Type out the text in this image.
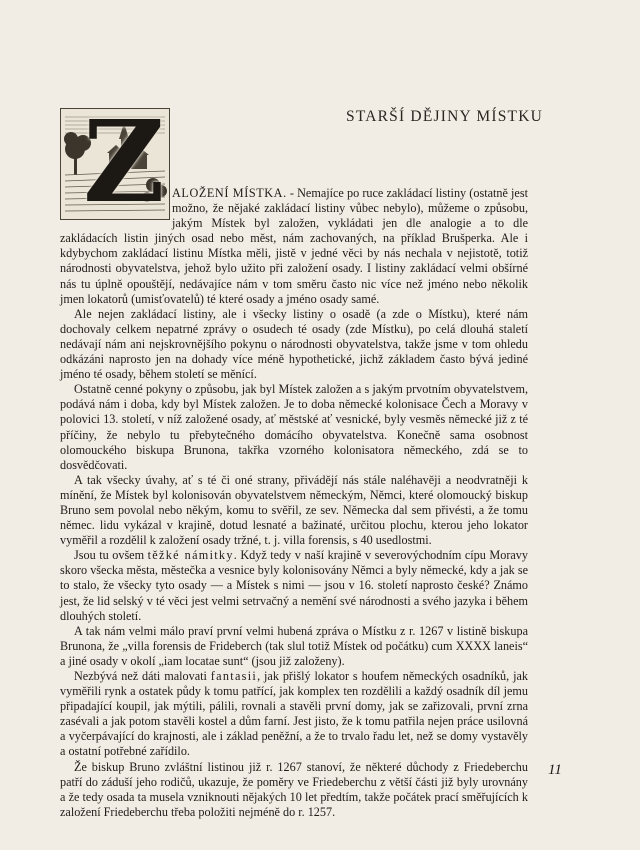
STARŠÍ DĚJINY MÍSTKU
Z ALOŽENÍ MÍSTKA. - Nemajíce po ruce zakládací listiny (ostatně jest možno, že nějaké zakládací listiny vůbec nebylo), můžeme o způsobu, jakým Místek byl založen, vykládati jen dle analogie a to dle zakládacích listin jiných osad nebo měst, nám zachovaných, na příklad Brušperka. Ale i kdybychom zakládací listinu Místka měli, jistě v jedné věci by nás nechala v nejistotě, totiž národnosti obyvatelstva, jehož bylo užito při založení osady. I listiny zakládací velmi obšírné nás tu úplně opouštějí, nedávajíce nám v tom směru často nic více než jméno nebo několik jmen lokatorů (umisťovatelů) té které osady a jméno osady samé.

Ale nejen zakládací listiny, ale i všecky listiny o osadě (a zde o Místku), které nám dochovaly celkem nepatrné zprávy o osudech té osady (zde Místku), po celá dlouhá staletí nedávají nám ani nejskrovnějšího pokynu o národnosti obyvatelstva, takže jsme v tom ohledu odkázáni naprosto jen na dohady více méně hypothetické, jichž základem často bývá jediné jméno té osady, během století se měnící.

Ostatně cenné pokyny o způsobu, jak byl Místek založen a s jakým prvotním obyvatelstvem, podává nám i doba, kdy byl Místek založen. Je to doba německé kolonisace Čech a Moravy v polovici 13. století, v níž založené osady, ať městské ať vesnické, byly vesměs německé již z té příčiny, že nebylo tu přebytečného domácího obyvatelstva. Konečně sama osobnost olomouckého biskupa Brunona, takřka vzorného kolonisatora německého, zdá se to dosvědčovati.

A tak všecky úvahy, ať s té či oné strany, přivádějí nás stále naléhavěji a neodvratněji k mínění, že Místek byl kolonisován obyvatelstvem německým, Němci, které olomoucký biskup Bruno sem povolal nebo někým, komu to svěřil, ze sev. Německa dal sem přivésti, a že tomu němec. lidu vykázal v krajině, dotud lesnaté a bažinaté, určitou plochu, kterou jeho lokator vyměřil a rozdělil k založení osady tržné, t. j. villa forensis, s 40 usedlostmi.

Jsou tu ovšem těžké námitky. Když tedy v naší krajině v severovýchodním cípu Moravy skoro všecka města, městečka a vesnice byly kolonisovány Němci a byly německé, kdy a jak se to stalo, že všecky tyto osady — a Místek s nimi — jsou v 16. století naprosto české? Známo jest, že lid selský v té věci jest velmi setrvačný a nemění své národnosti a svého jazyka i během dlouhých století.

A tak nám velmi málo praví první velmi hubená zpráva o Místku z r. 1267 v listině biskupa Brunona, že „villa forensis de Frideberch (tak slul totiž Místek od počátku) cum XXXX laneis“ a jiné osady v okolí „iam locatae sunt“ (jsou již založeny).

Nezbývá než dáti malovati fantasii, jak přišlý lokator s houfem německých osadníků, jak vyměřili rynk a ostatek půdy k tomu patřící, jak komplex ten rozdělili a každý osadník díl jemu připadající koupil, jak mýtili, pálili, rovnali a stavěli první domy, jak se zařizovali, první zrna zasévali a jak potom stavěli kostel a dům farní. Jest jisto, že k tomu patřila nejen práce usilovná a vyčerpávající do krajnosti, ale i základ peněžní, a že to trvalo řadu let, než se domy vystavěly a ostatní potřebné zařídilo.

Že biskup Bruno zvláštní listinou již r. 1267 stanoví, že některé důchody z Friedeberchu patří do záduší jeho rodičů, ukazuje, že poměry ve Friedeberchu z větší části již byly urovnány a že tedy osada ta musela vzniknouti nějakých 10 let předtím, takže počátek prací směřujících k založení Friedeberchu třeba položiti nejméně do r. 1257.

11
